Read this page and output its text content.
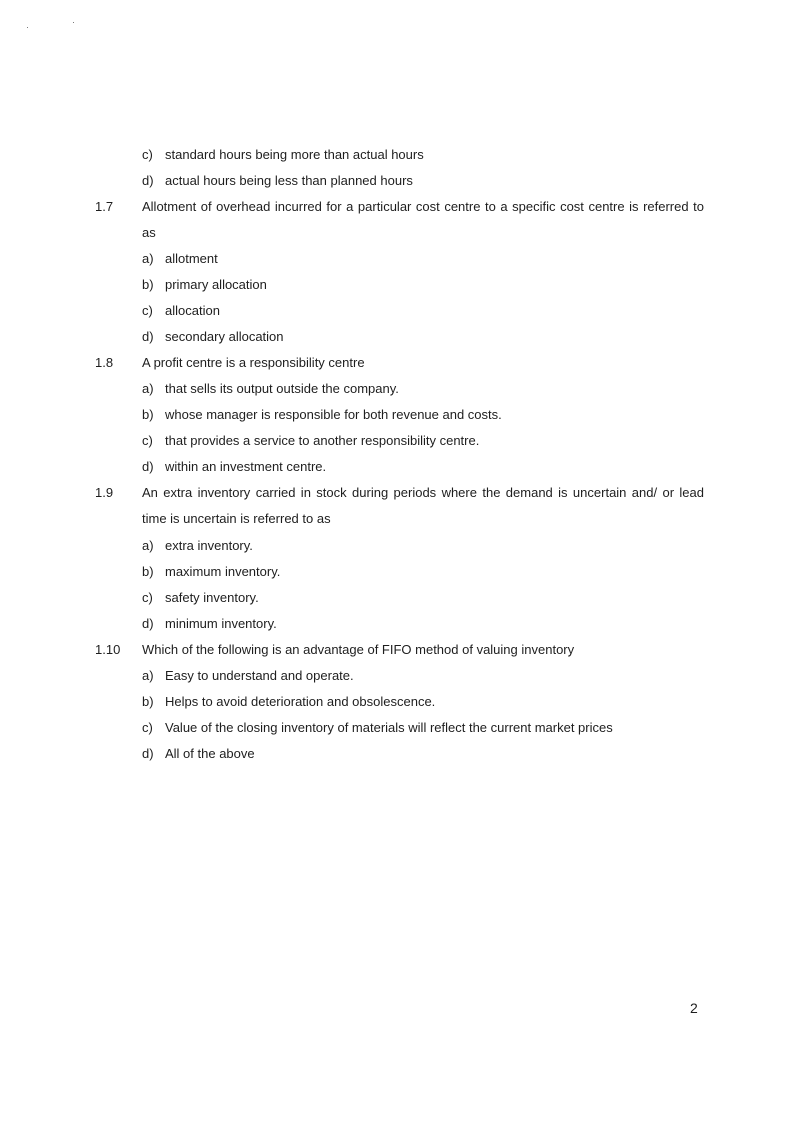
c) standard hours being more than actual hours
d) actual hours being less than planned hours
1.7 Allotment of overhead incurred for a particular cost centre to a specific cost centre is referred to
as
a) allotment
b) primary allocation
c) allocation
d) secondary allocation
1.8 A profit centre is a responsibility centre
a) that sells its output outside the company.
b) whose manager is responsible for both revenue and costs.
c) that provides a service to another responsibility centre.
d) within an investment centre.
1.9 An extra inventory carried in stock during periods where the demand is uncertain and/ or lead
time is uncertain is referred to as
a) extra inventory.
b) maximum inventory.
c) safety inventory.
d) minimum inventory.
1.10 Which of the following is an advantage of FIFO method of valuing inventory
a) Easy to understand and operate.
b) Helps to avoid deterioration and obsolescence.
c) Value of the closing inventory of materials will reflect the current market prices
d) All of the above
2
